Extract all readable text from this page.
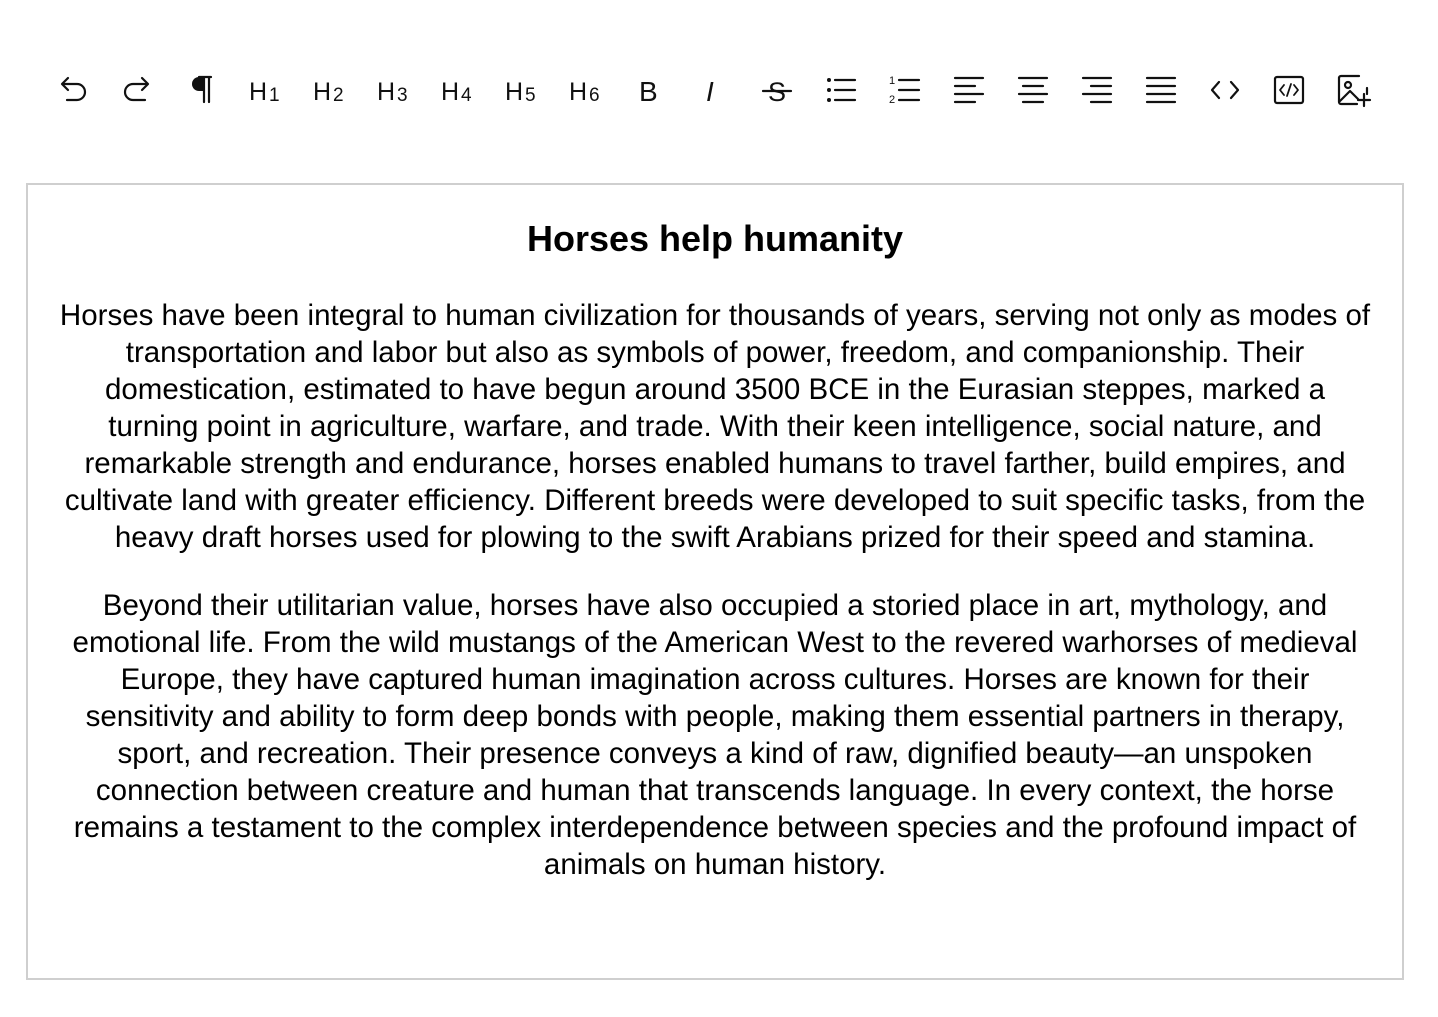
H 1 H 2 H 3 H 4 H 5 H 6 B I S	1
2
Horses help humanity

Horses have been integral to human civilization for thousands of years, serving not only as modes of transportation and labor but also as symbols of power, freedom, and companionship. Their domestication, estimated to have begun around 3500 BCE in the Eurasian steppes, marked a turning point in agriculture, warfare, and trade. With their keen intelligence, social nature, and remarkable strength and endurance, horses enabled humans to travel farther, build empires, and cultivate land with greater efficiency. Different breeds were developed to suit specific tasks, from the heavy draft horses used for plowing to the swift Arabians prized for their speed and stamina.

Beyond their utilitarian value, horses have also occupied a storied place in art, mythology, and emotional life. From the wild mustangs of the American West to the revered warhorses of medieval Europe, they have captured human imagination across cultures. Horses are known for their sensitivity and ability to form deep bonds with people, making them essential partners in therapy, sport, and recreation. Their presence conveys a kind of raw, dignified beauty—an unspoken connection between creature and human that transcends language. In every context, the horse remains a testament to the complex interdependence between species and the profound impact of animals on human history.
